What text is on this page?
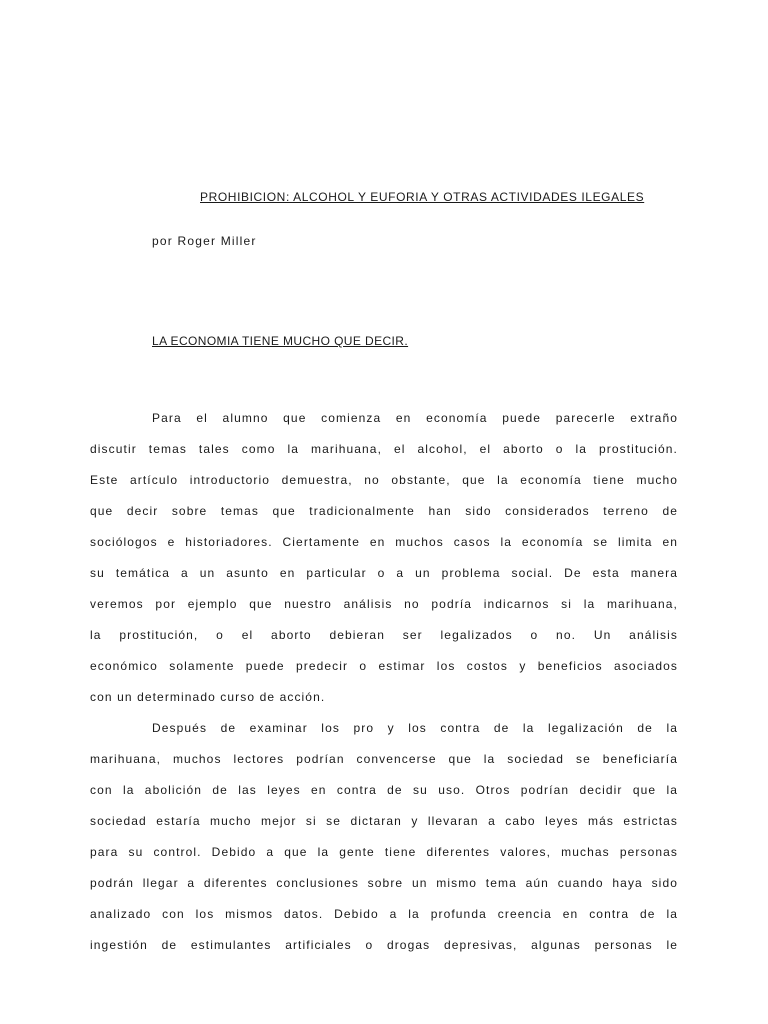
PROHIBICION: ALCOHOL Y EUFORIA Y OTRAS ACTIVIDADES ILEGALES
por Roger Miller
LA ECONOMIA TIENE MUCHO QUE DECIR.
Para el alumno que comienza en economía puede parecerle extraño
discutir temas tales como la marihuana, el alcohol, el aborto o la prostitución.
Este artículo introductorio demuestra, no obstante, que la economía tiene mucho
que decir sobre temas que tradicionalmente han sido considerados terreno de
sociólogos e historiadores. Ciertamente en muchos casos la economía se limita en
su temática a un asunto en particular o a un problema social. De esta manera
veremos por ejemplo que nuestro análisis no podría indicarnos si la marihuana,
la prostitución, o el aborto debieran ser legalizados o no. Un análisis
económico solamente puede predecir o estimar los costos y beneficios asociados
con un determinado curso de acción.
Después de examinar los pro y los contra de la legalización de la
marihuana, muchos lectores podrían convencerse que la sociedad se beneficiaría
con la abolición de las leyes en contra de su uso. Otros podrían decidir que la
sociedad estaría mucho mejor si se dictaran y llevaran a cabo leyes más estrictas
para su control. Debido a que la gente tiene diferentes valores, muchas personas
podrán llegar a diferentes conclusiones sobre un mismo tema aún cuando haya sido
analizado con los mismos datos. Debido a la profunda creencia en contra de la
ingestión de estimulantes artificiales o drogas depresivas, algunas personas le
